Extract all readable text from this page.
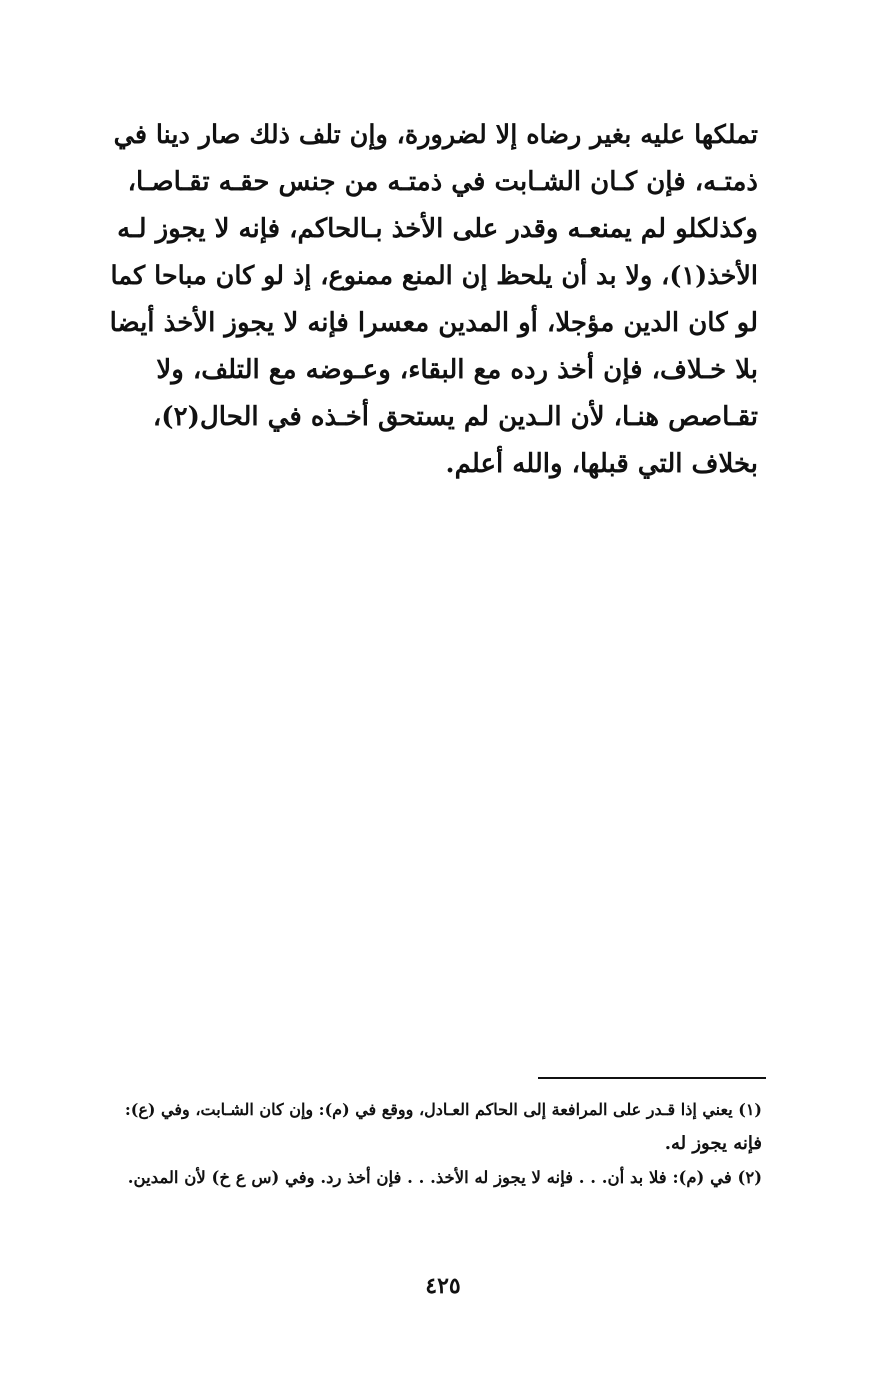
تملكها عليه بغير رضاه إلا لضرورة، وإن تلف ذلك صار دينا في
ذمتـه، فإن كـان الشـابت في ذمتـه من جنس حقـه تقـاصـا،
وكذلكلو لم يمنعـه وقدر على الأخذ بـالحاكم، فإنه لا يجوز لـه
الأخذ(١)، ولا بد أن يلحظ إن المنع ممنوع، إذ لو كان مباحا كما
لو كان الدين مؤجلا، أو المدين معسرا فإنه لا يجوز الأخذ أيضا
بلا خـلاف، فإن أخذ رده مع البقاء، وعـوضه مع التلف، ولا
تقـاصص هنـا، لأن الـدين لم يستحق أخـذه في الحال(٢)،
بخلاف التي قبلها، والله أعلم.
(١) يعني إذا قـدر على المرافعة إلى الحاكم العـادل، ووقع في (م): وإن كان الشـابت، وفي (ع):
فإنه يجوز له.
(٢) في (م): فلا بد أن. . . فإنه لا يجوز له الأخذ. . . فإن أخذ رد. وفي (س ع خ) لأن المدين.
٤٢٥
